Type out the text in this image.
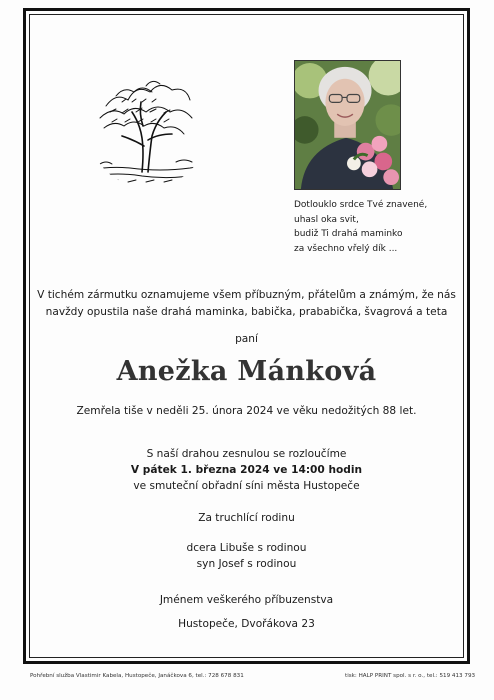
Dotlouklo srdce Tvé znavené,
uhasl oka svit,
budiž Ti drahá maminko
za všechno vřelý dík ...
V tichém zármutku oznamujeme všem příbuzným, přátelům a známým, že nás
navždy opustila naše drahá maminka, babička, prababička, švagrová a teta
paní
Anežka Mánková
Zemřela tiše v neděli 25. února 2024 ve věku nedožitých 88 let.
S naší drahou zesnulou se rozloučíme
V pátek 1. března 2024 ve 14:00 hodin
ve smuteční obřadní síni města Hustopeče
Za truchlící rodinu
dcera Libuše s rodinou
syn Josef s rodinou
Jménem veškerého příbuzenstva
Hustopeče, Dvořákova 23
Pohřební služba Vlastimir Kabela, Hustopeče, Janáčkova 6, tel.: 728 678 831	tisk: HALP PRINT spol. s r. o., tel.: 519 413 793
